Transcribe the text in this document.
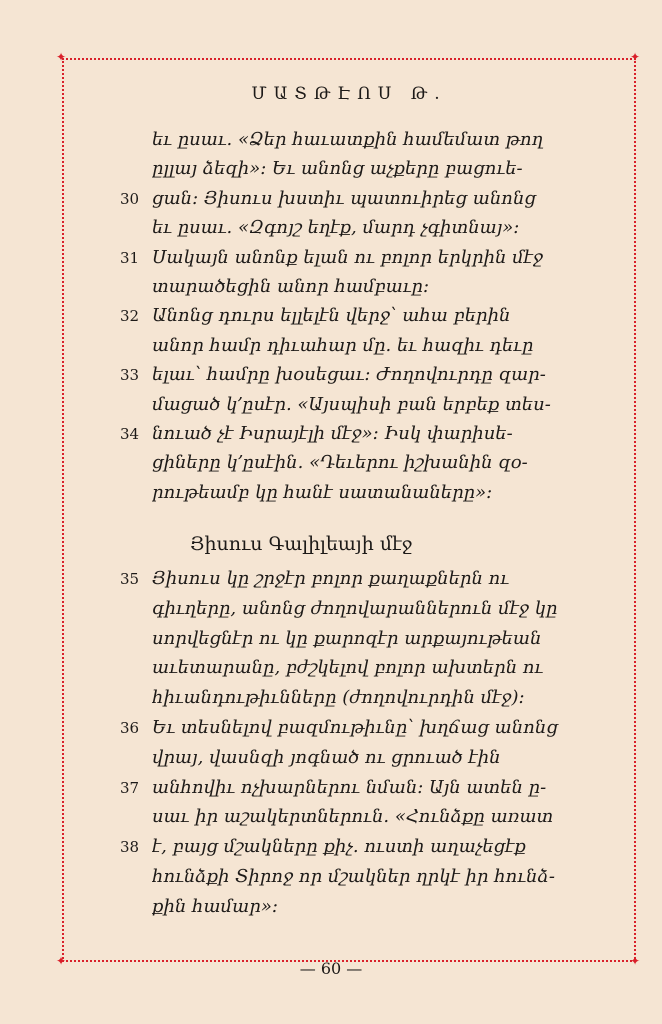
✦	✦
✦	✦
ՄԱՏԹԷՈՍ Թ.
եւ ըսաւ. «Ձեր հաւատքին համեմատ թող
ըլլայ ձեզի»: Եւ անոնց աչքերը բացուե-
30 ցան: Յիսուս խստիւ պատուիրեց անոնց
եւ ըսաւ. «Զգոյշ եղէք, մարդ չգիտնայ»:
31 Սակայն անոնք ելան ու բոլոր երկրին մէջ
տարածեցին անոր համբաւը:
32 Անոնց դուրս ելլելէն վերջ՝ ահա բերին
անոր համր դիւահար մը. եւ հազիւ դեւը
33 ելաւ՝ համրը խօսեցաւ: Ժողովուրդը զար-
մացած կ՚ըսէր. «Այսպիսի բան երբեք տես-
34 նուած չէ Իսրայէլի մէջ»: Իսկ փարիսե-
ցիները կ՚ըսէին. «Դեւերու իշխանին զօ-
րութեամբ կը հանէ սատանաները»:
35 Յիսուս կը շրջէր բոլոր քաղաքներն ու
գիւղերը, անոնց ժողովարաններուն մէջ կը
սորվեցնէր ու կը քարոզէր արքայութեան
աւետարանը, բժշկելով բոլոր ախտերն ու
հիւանդութիւնները (ժողովուրդին մէջ):
36 Եւ տեսնելով բազմութիւնը՝ խղճաց անոնց
վրայ, վասնզի յոգնած ու ցրուած էին
37 անհովիւ ոչխարներու նման: Այն ատեն ը-
սաւ իր աշակերտներուն. «Հունձքը առատ
38 է, բայց մշակները քիչ. ուստի աղաչեցէք
հունձքի Տիրոջ որ մշակներ ղրկէ իր հունձ-
քին համար»:
Յիսուս Գալիլեայի մէջ
— 60 —
